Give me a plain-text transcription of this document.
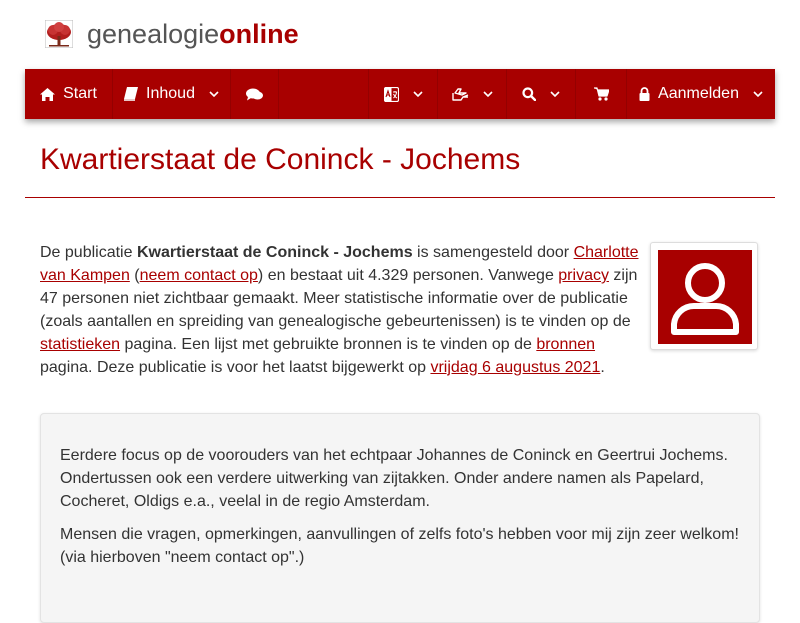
genealogieonline
Start	Inhoud	Aanmelden
Kwartierstaat de Coninck - Jochems

De publicatie Kwartierstaat de Coninck - Jochems is samengesteld door Charlotte van Kampen (neem contact op) en bestaat uit 4.329 personen. Vanwege privacy zijn 47 personen niet zichtbaar gemaakt. Meer statistische informatie over de publicatie (zoals aantallen en spreiding van genealogische gebeurtenissen) is te vinden op de statistieken pagina. Een lijst met gebruikte bronnen is te vinden op de bronnen pagina. Deze publicatie is voor het laatst bijgewerkt op vrijdag 6 augustus 2021.

Eerdere focus op de voorouders van het echtpaar Johannes de Coninck en Geertrui Jochems. Ondertussen ook een verdere uitwerking van zijtakken. Onder andere namen als Papelard, Cocheret, Oldigs e.a., veelal in de regio Amsterdam.

Mensen die vragen, opmerkingen, aanvullingen of zelfs foto's hebben voor mij zijn zeer welkom! (via hierboven "neem contact op".)
